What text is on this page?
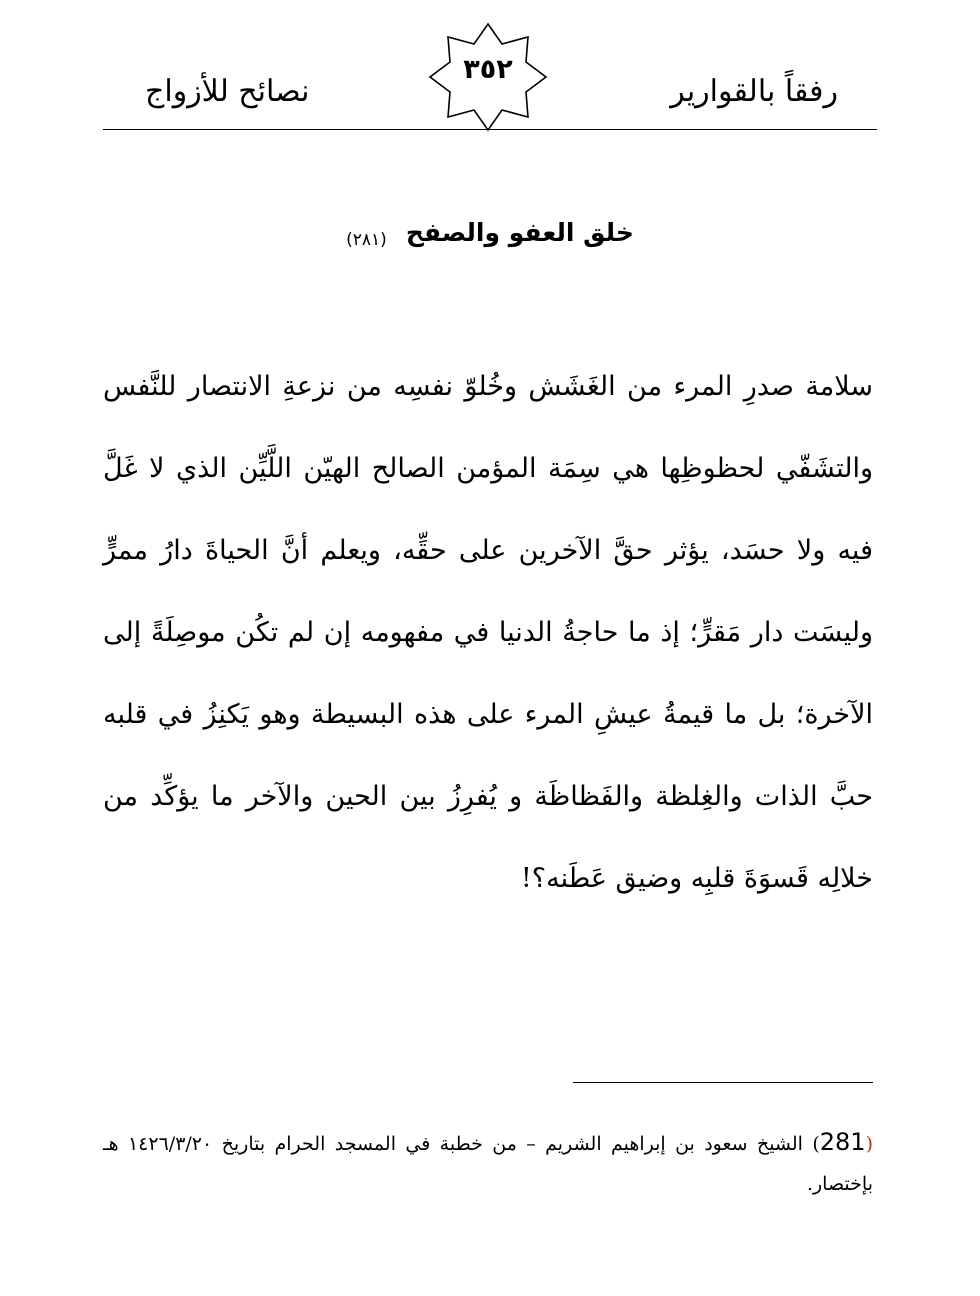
رفقاً بالقوارير
٣٥٢
نصائح للأزواج
خلق العفو والصفح (٢٨١)
سلامة صدرِ المرء من الغَشَش وخُلوّ نفسِه من نزعةِ الانتصار للنَّفس والتشَفّي لحظوظِها هي سِمَة المؤمن الصالح الهيّن اللَّيِّن الذي لا غَلَّ فيه ولا حسَد، يؤثر حقَّ الآخرين على حقِّه، ويعلم أنَّ الحياةَ دارُ ممرٍّ وليسَت دار مَقرٍّ؛ إذ ما حاجةُ الدنيا في مفهومه إن لم تكُن موصِلَةً إلى الآخرة؛ بل ما قيمةُ عيشِ المرء على هذه البسيطة وهو يَكنِزُ في قلبه حبَّ الذات والغِلظة والفَظاظَة و يُفرِزُ بين الحين والآخر ما يؤكِّد من خلالِه قَسوَةَ قلبِه وضيق عَطَنه؟!
(281) الشيخ سعود بن إبراهيم الشريم – من خطبة في المسجد الحرام بتاريخ ١٤٢٦/٣/٢٠ هـ بإختصار.
